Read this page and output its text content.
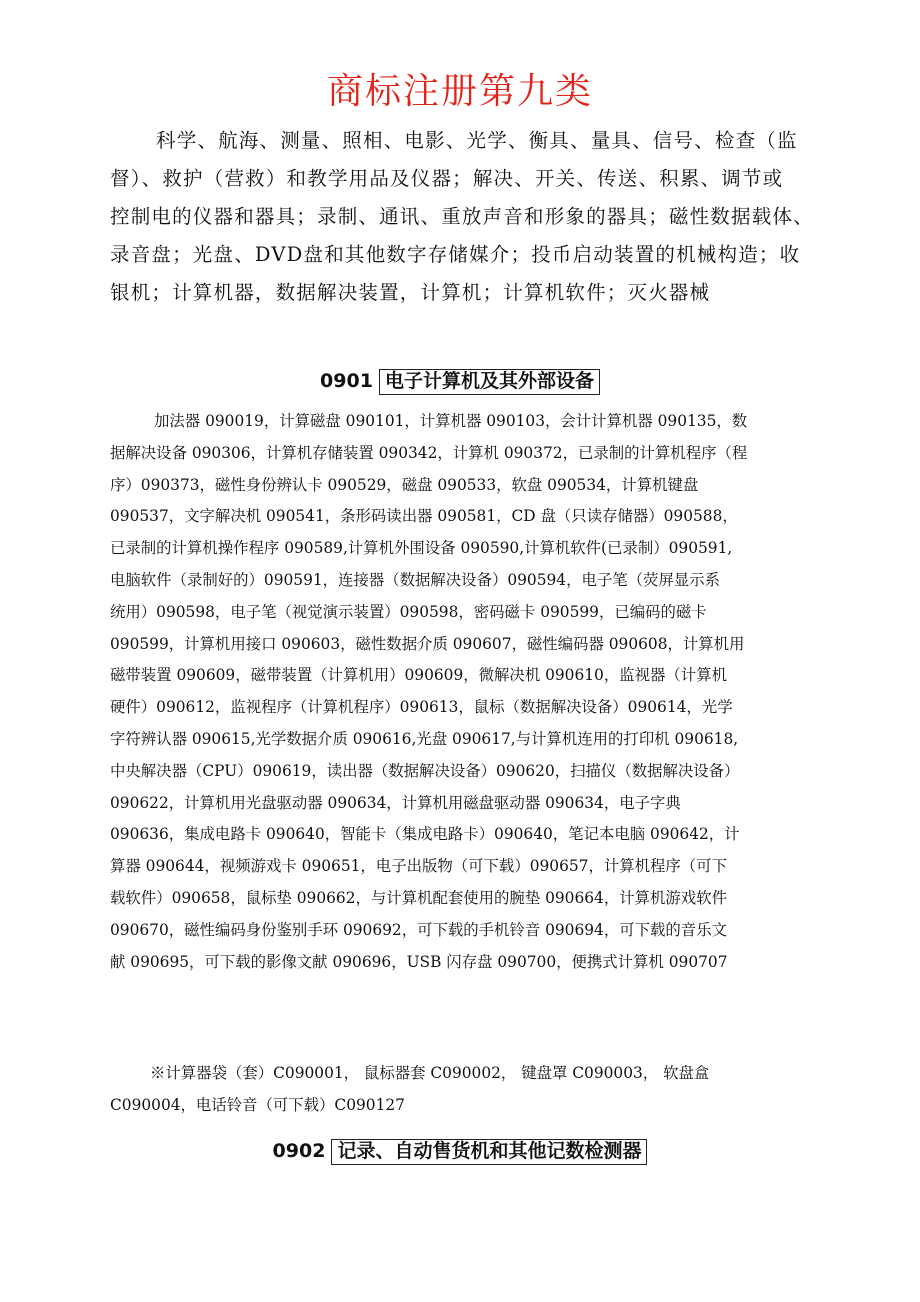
商标注册第九类
科学、航海、测量、照相、电影、光学、衡具、量具、信号、检查（监
督）、救护（营救）和教学用品及仪器；解决、开关、传送、积累、调节或
控制电的仪器和器具；录制、通讯、重放声音和形象的器具；磁性数据载体、
录音盘；光盘、DVD盘和其他数字存储媒介；投币启动装置的机械构造；收
银机；计算机器，数据解决装置，计算机；计算机软件；灭火器械
0901 电子计算机及其外部设备
加法器 090019，计算磁盘 090101，计算机器 090103，会计计算机器 090135，数
据解决设备 090306，计算机存储装置 090342，计算机 090372，已录制的计算机程序（程
序）090373，磁性身份辨认卡 090529，磁盘 090533，软盘 090534，计算机键盘
090537，文字解决机 090541，条形码读出器 090581，CD 盘（只读存储器）090588，
已录制的计算机操作程序 090589,计算机外围设备 090590,计算机软件(已录制）090591,
电脑软件（录制好的）090591，连接器（数据解决设备）090594，电子笔（荧屏显示系
统用）090598，电子笔（视觉演示装置）090598，密码磁卡 090599，已编码的磁卡
090599，计算机用接口 090603，磁性数据介质 090607，磁性编码器 090608，计算机用
磁带装置 090609，磁带装置（计算机用）090609，微解决机 090610，监视器（计算机
硬件）090612，监视程序（计算机程序）090613，鼠标（数据解决设备）090614，光学
字符辨认器 090615,光学数据介质 090616,光盘 090617,与计算机连用的打印机 090618,
中央解决器（CPU）090619，读出器（数据解决设备）090620，扫描仪（数据解决设备）
090622，计算机用光盘驱动器 090634，计算机用磁盘驱动器 090634，电子字典
090636，集成电路卡 090640，智能卡（集成电路卡）090640，笔记本电脑 090642，计
算器 090644，视频游戏卡 090651，电子出版物（可下载）090657，计算机程序（可下
载软件）090658，鼠标垫 090662，与计算机配套使用的腕垫 090664，计算机游戏软件
090670，磁性编码身份鉴别手环 090692，可下载的手机铃音 090694，可下载的音乐文
献 090695，可下载的影像文献 090696，USB 闪存盘 090700，便携式计算机 090707
※计算器袋（套）C090001， 鼠标器套 C090002， 键盘罩 C090003， 软盘盒
C090004，电话铃音（可下载）C090127
0902 记录、自动售货机和其他记数检测器
